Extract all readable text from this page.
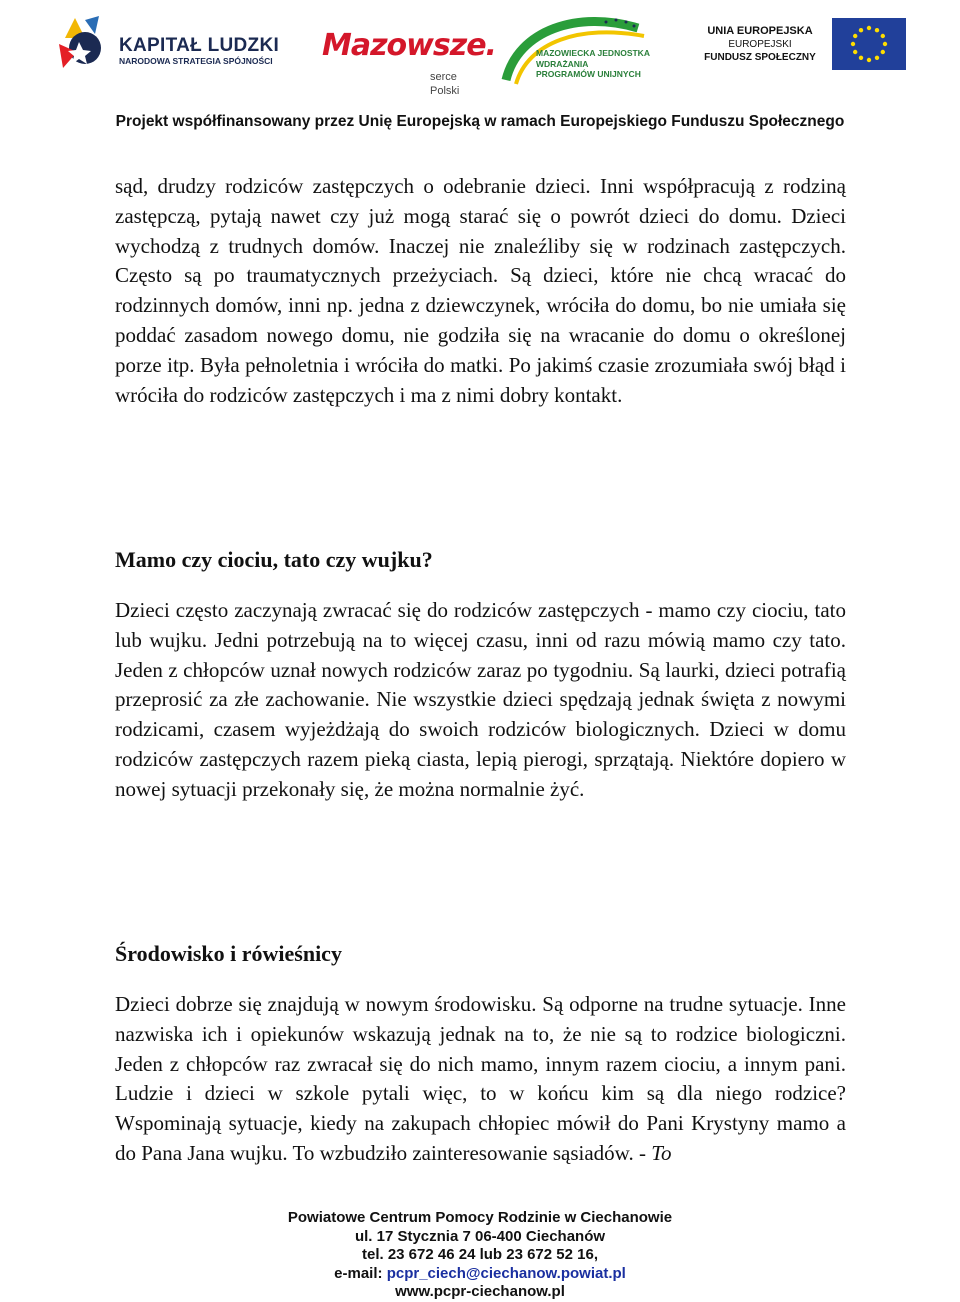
KAPITAŁ LUDZKI
NARODOWA STRATEGIA SPÓJNOŚCI Mazowsze.
serce Polski
MAZOWIECKA JEDNOSTKA
WDRAŻANIA
PROGRAMÓW UNIJNYCH
UNIA EUROPEJSKA
EUROPEJSKI
FUNDUSZ SPOŁECZNY
Projekt współfinansowany przez Unię Europejską w ramach Europejskiego Funduszu Społecznego

sąd, drudzy rodziców zastępczych o odebranie dzieci. Inni współpracują z rodziną zastępczą, pytają nawet czy już mogą starać się o powrót dzieci do domu. Dzieci wychodzą z trudnych domów. Inaczej nie znaleźliby się w rodzinach zastępczych. Często są po traumatycznych przeżyciach. Są dzieci, które nie chcą wracać do rodzinnych domów, inni np. jedna z dziewczynek, wróciła do domu, bo nie umiała się poddać zasadom nowego domu, nie godziła się na wracanie do domu o określonej porze itp. Była pełnoletnia i wróciła do matki. Po jakimś czasie zrozumiała swój błąd i wróciła do rodziców zastępczych i ma z nimi dobry kontakt.

Mamo czy ciociu, tato czy wujku?

Dzieci często zaczynają zwracać się do rodziców zastępczych - mamo czy ciociu, tato lub wujku. Jedni potrzebują na to więcej czasu, inni od razu mówią mamo czy tato. Jeden z chłopców uznał nowych rodziców zaraz po tygodniu. Są laurki, dzieci potrafią przeprosić za złe zachowanie. Nie wszystkie dzieci spędzają jednak święta z nowymi rodzicami, czasem wyjeżdżają do swoich rodziców biologicznych. Dzieci w domu rodziców zastępczych razem pieką ciasta, lepią pierogi, sprzątają. Niektóre dopiero w nowej sytuacji przekonały się, że można normalnie żyć.

Środowisko i rówieśnicy

Dzieci dobrze się znajdują w nowym środowisku. Są odporne na trudne sytuacje. Inne nazwiska ich i opiekunów wskazują jednak na to, że nie są to rodzice biologiczni. Jeden z chłopców raz zwracał się do nich mamo, innym razem ciociu, a innym pani. Ludzie i dzieci w szkole pytali więc, to w końcu kim są dla niego rodzice? Wspominają sytuacje, kiedy na zakupach chłopiec mówił do Pani Krystyny mamo a do Pana Jana wujku. To wzbudziło zainteresowanie sąsiadów. - To

Powiatowe Centrum Pomocy Rodzinie w Ciechanowie
ul. 17 Stycznia 7 06-400 Ciechanów
tel. 23 672 46 24 lub 23 672 52 16,
e-mail: pcpr_ciech@ciechanow.powiat.pl
www.pcpr-ciechanow.pl
